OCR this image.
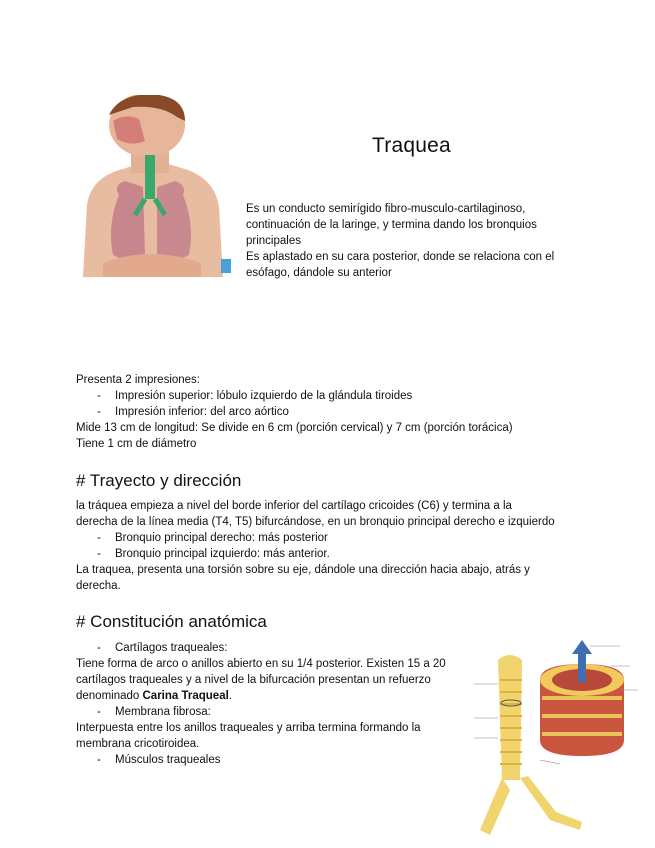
Traquea

Es un conducto semirígido fibro-musculo-cartilaginoso, continuación de la laringe, y termina dando los bronquios principales

Es aplastado en su cara posterior, donde se relaciona con el esófago, dándole su anterior

Presenta 2 impresiones:

- Impresión superior: lóbulo izquierdo de la glándula tiroides

- Impresión inferior: del arco aórtico

Mide 13 cm de longitud: Se divide en 6 cm (porción cervical) y 7 cm (porción torácica)

Tiene 1 cm de diámetro

# Trayecto y dirección

la tráquea empieza a nivel del borde inferior del cartílago cricoides (C6) y termina a la derecha de la línea media (T4, T5) bifurcándose, en un bronquio principal derecho e izquierdo

- Bronquio principal derecho: más posterior

- Bronquio principal izquierdo: más anterior.

La traquea, presenta una torsión sobre su eje, dándole una dirección hacia abajo, atrás y derecha.

# Constitución anatómica

- Cartílagos traqueales:

Tiene forma de arco o anillos abierto en su 1/4 posterior. Existen 15 a 20 cartílagos traqueales y a nivel de la bifurcación presentan un refuerzo denominado Carina Traqueal.

- Membrana fibrosa:

Interpuesta entre los anillos traqueales y arriba termina formando la membrana cricotiroidea.

- Músculos traqueales
